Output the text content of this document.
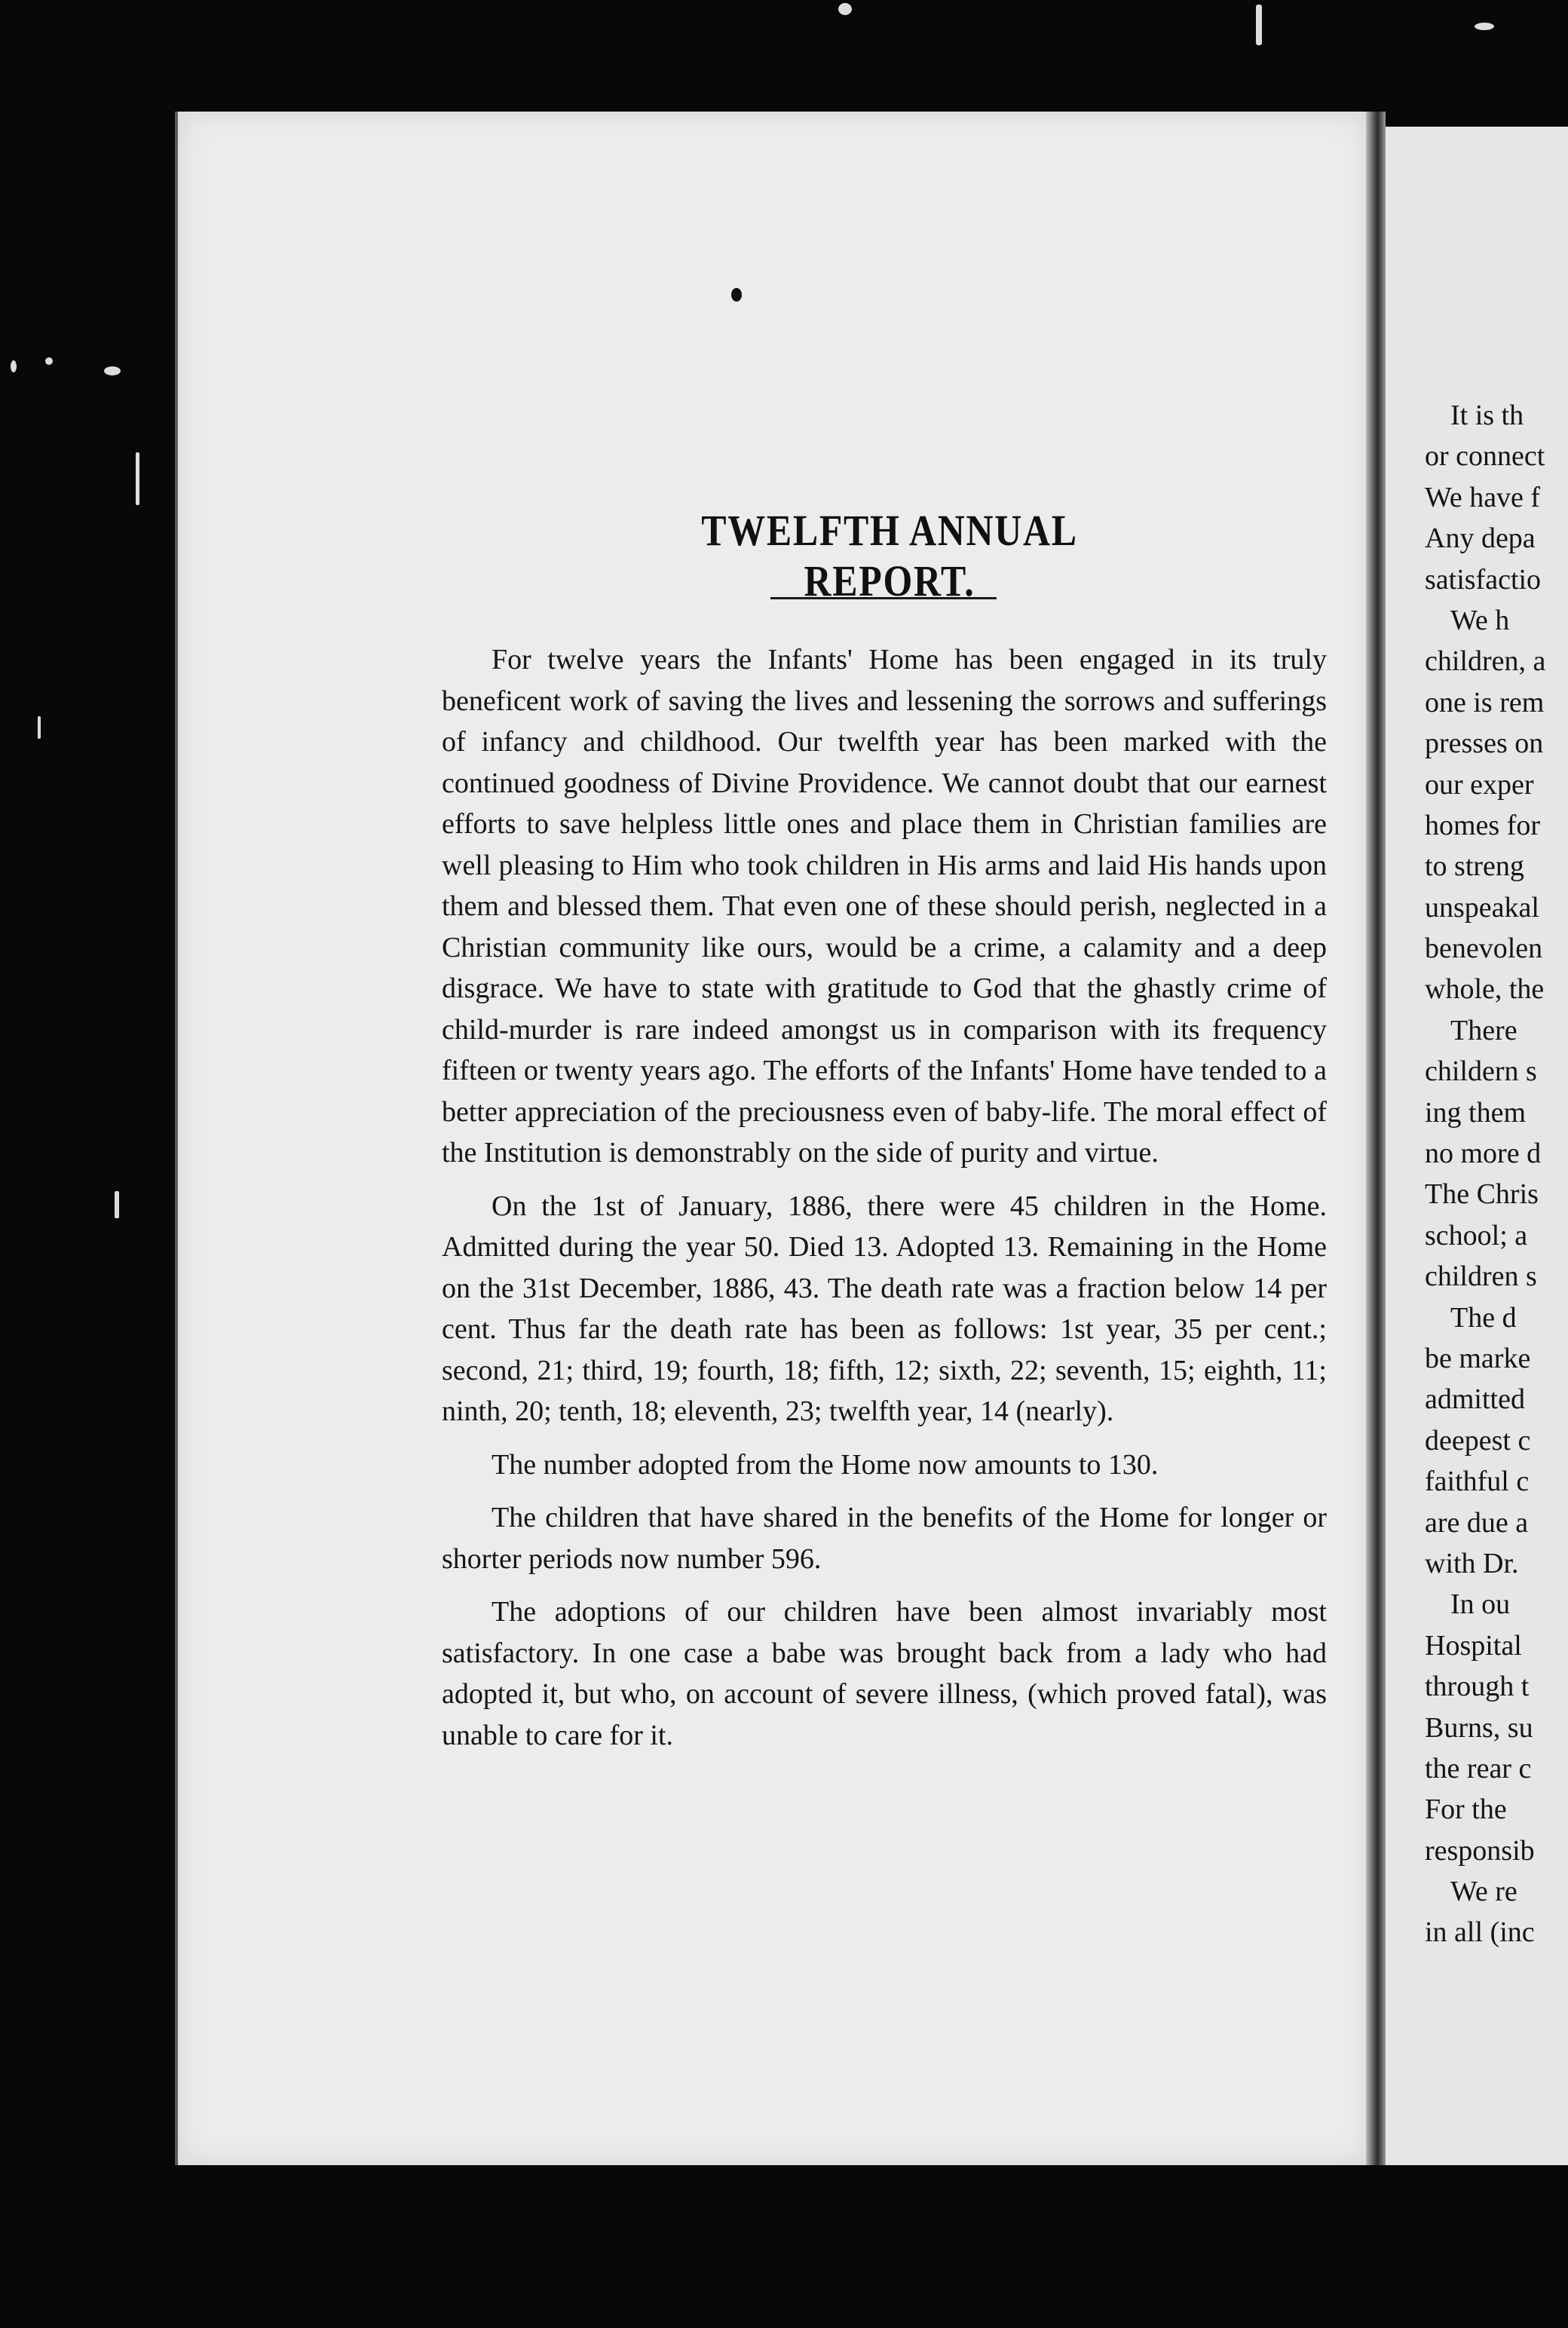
It is th
or connect
We have f
Any depa
satisfactio
We h
children, a
one is rem
presses on
our exper
homes for
to streng
unspeakal
benevolen
whole, the
There
childern s
ing them
no more d
The Chris
school; a
children s
The d
be marke
admitted
deepest c
faithful c
are due a
with Dr.
In ou
Hospital
through t
Burns, su
the rear c
For the
responsib
We re
in all (inc
TWELFTH ANNUAL REPORT.

For twelve years the Infants' Home has been engaged in its truly beneficent work of saving the lives and lessening the sorrows and sufferings of infancy and childhood. Our twelfth year has been marked with the continued goodness of Divine Providence. We cannot doubt that our earnest efforts to save helpless little ones and place them in Christian families are well pleasing to Him who took children in His arms and laid His hands upon them and blessed them. That even one of these should perish, neglected in a Christian community like ours, would be a crime, a calamity and a deep disgrace. We have to state with gratitude to God that the ghastly crime of child-murder is rare indeed amongst us in comparison with its frequency fifteen or twenty years ago. The efforts of the Infants' Home have tended to a better appreciation of the preciousness even of baby-life. The moral effect of the Institution is demonstrably on the side of purity and virtue.

On the 1st of January, 1886, there were 45 children in the Home. Admitted during the year 50. Died 13. Adopted 13. Remaining in the Home on the 31st December, 1886, 43. The death rate was a fraction below 14 per cent. Thus far the death rate has been as follows: 1st year, 35 per cent.; second, 21; third, 19; fourth, 18; fifth, 12; sixth, 22; seventh, 15; eighth, 11; ninth, 20; tenth, 18; eleventh, 23; twelfth year, 14 (nearly).

The number adopted from the Home now amounts to 130.

The children that have shared in the benefits of the Home for longer or shorter periods now number 596.

The adoptions of our children have been almost invariably most satisfactory. In one case a babe was brought back from a lady who had adopted it, but who, on account of severe illness, (which proved fatal), was unable to care for it.
